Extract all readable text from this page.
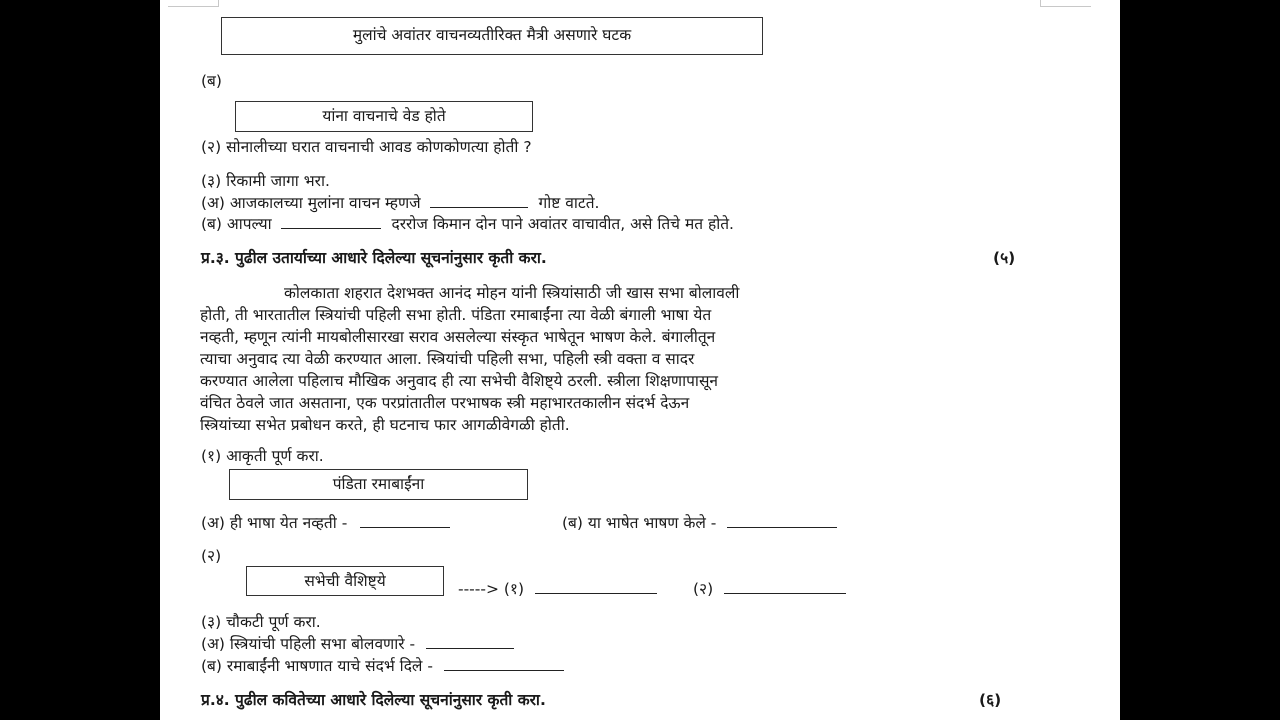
मुलांचे अवांतर वाचनव्यतीरिक्त मैत्री असणारे घटक
(ब)
यांना वाचनाचे वेड होते
(२) सोनालीच्या घरात वाचनाची आवड कोणकोणत्या होती ?
(३) रिकामी जागा भरा.
(अ) आजकालच्या मुलांना वाचन म्हणजे	गोष्ट वाटते.
(ब) आपल्या	दररोज किमान दोन पाने अवांतर वाचावीत, असे तिचे मत होते.
प्र.३. पुढील उतार्याच्या आधारे दिलेल्या सूचनांनुसार कृती करा.	(५)
कोलकाता शहरात देशभक्त आनंद मोहन यांनी स्त्रियांसाठी जी खास सभा बोलावली
होती, ती भारतातील स्त्रियांची पहिली सभा होती. पंडिता रमाबाईंना त्या वेळी बंगाली भाषा येत
नव्हती, म्हणून त्यांनी मायबोलीसारखा सराव असलेल्या संस्कृत भाषेतून भाषण केले. बंगालीतून
त्याचा अनुवाद त्या वेळी करण्यात आला. स्त्रियांची पहिली सभा, पहिली स्त्री वक्ता व सादर
करण्यात आलेला पहिलाच मौखिक अनुवाद ही त्या सभेची वैशिष्ट्ये ठरली. स्त्रीला शिक्षणापासून
वंचित ठेवले जात असताना, एक परप्रांतातील परभाषक स्त्री महाभारतकालीन संदर्भ देऊन
स्त्रियांच्या सभेत प्रबोधन करते, ही घटनाच फार आगळीवेगळी होती.
(१) आकृती पूर्ण करा.
पंडिता रमाबाईंना
(अ) ही भाषा येत नव्हती -	(ब) या भाषेत भाषण केले -
(२)
सभेची वैशिष्ट्ये	-----> (१)	(२)
(३) चौकटी पूर्ण करा.
(अ) स्त्रियांची पहिली सभा बोलवणारे -
(ब) रमाबाईंनी भाषणात याचे संदर्भ दिले -
प्र.४. पुढील कवितेच्या आधारे दिलेल्या सूचनांनुसार कृती करा.	(६)
